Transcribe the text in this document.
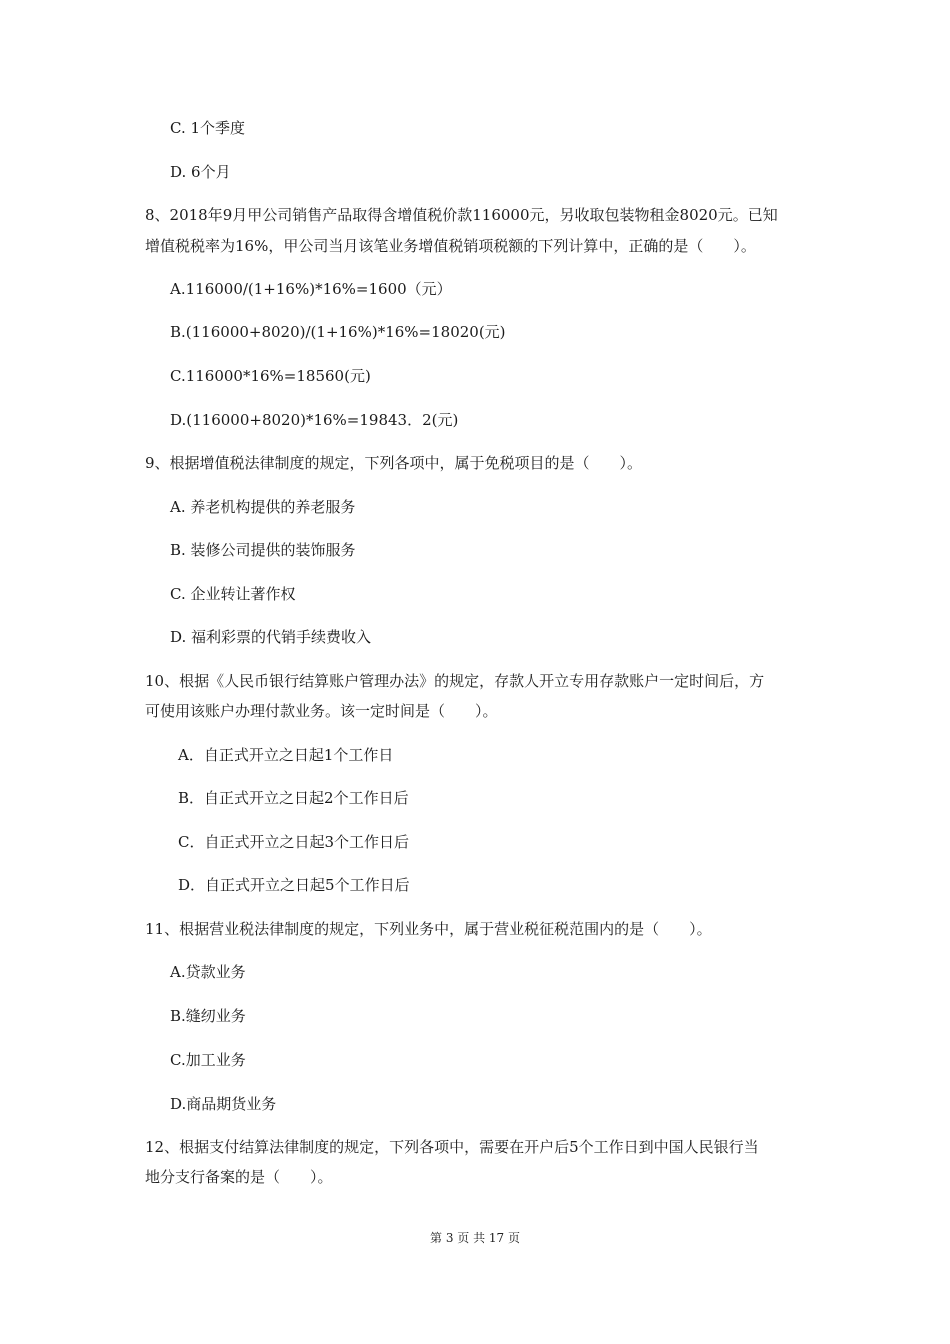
C. 1个季度
D. 6个月
8、2018年9月甲公司销售产品取得含增值税价款116000元，另收取包装物租金8020元。已知
增值税税率为16%，甲公司当月该笔业务增值税销项税额的下列计算中，正确的是（　　）。
A.116000/(1+16%)*16%=1600（元）
B.(116000+8020)/(1+16%)*16%=18020(元)
C.116000*16%=18560(元)
D.(116000+8020)*16%=19843．2(元)
9、根据增值税法律制度的规定，下列各项中，属于免税项目的是（　　）。
A. 养老机构提供的养老服务
B. 装修公司提供的装饰服务
C. 企业转让著作权
D. 福利彩票的代销手续费收入
10、根据《人民币银行结算账户管理办法》的规定，存款人开立专用存款账户一定时间后，方
可使用该账户办理付款业务。该一定时间是（　　）。
A．自正式开立之日起1个工作日
B．自正式开立之日起2个工作日后
C．自正式开立之日起3个工作日后
D．自正式开立之日起5个工作日后
11、根据营业税法律制度的规定，下列业务中，属于营业税征税范围内的是（　　）。
A.贷款业务
B.缝纫业务
C.加工业务
D.商品期货业务
12、根据支付结算法律制度的规定，下列各项中，需要在开户后5个工作日到中国人民银行当
地分支行备案的是（　　）。
第 3 页 共 17 页
